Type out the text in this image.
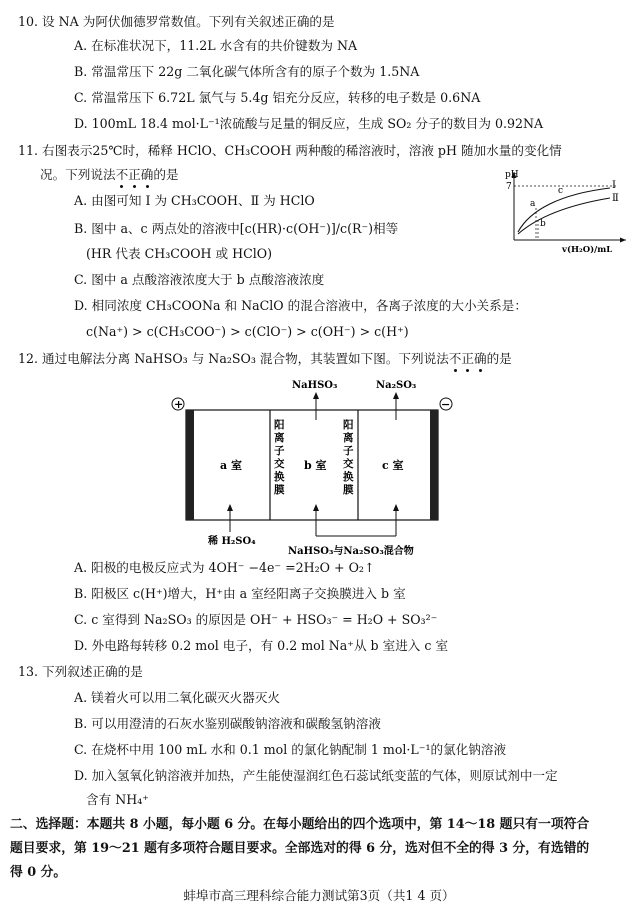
10. 设 NA 为阿伏伽德罗常数值。下列有关叙述正确的是
A. 在标准状况下，11.2L 水含有的共价键数为 NA
B. 常温常压下 22g 二氧化碳气体所含有的原子个数为 1.5NA
C. 常温常压下 6.72L 氯气与 5.4g 铝充分反应，转移的电子数是 0.6NA
D. 100mL 18.4 mol·L⁻¹浓硫酸与足量的铜反应，生成 SO₂ 分子的数目为 0.92NA
11. 右图表示25℃时，稀释 HClO、CH₃COOH 两种酸的稀溶液时，溶液 pH 随加水量的变化情
况。下列说法不正确的是
A. 由图可知 Ⅰ 为 CH₃COOH、Ⅱ 为 HClO
B. 图中 a、c 两点处的溶液中[c(HR)·c(OH⁻)]/c(R⁻)相等
(HR 代表 CH₃COOH 或 HClO)
C. 图中 a 点酸溶液浓度大于 b 点酸溶液浓度
D. 相同浓度 CH₃COONa 和 NaClO 的混合溶液中，各离子浓度的大小关系是：
c(Na⁺) > c(CH₃COO⁻) > c(ClO⁻) > c(OH⁻) > c(H⁺)
pH
7	Ⅰ
Ⅱ
a
b
c
v(H₂O)/mL
12. 通过电解法分离 NaHSO₃ 与 Na₂SO₃ 混合物，其装置如下图。下列说法不正确的是
+	−
阳
离
子
交
换
膜
阳
离
子
交
换
膜
a 室	b 室	c 室
NaHSO₃	Na₂SO₃
稀 H₂SO₄
NaHSO₃与Na₂SO₃混合物
A. 阳极的电极反应式为 4OH⁻ −4e⁻ =2H₂O + O₂↑
B. 阳极区 c(H⁺)增大，H⁺由 a 室经阳离子交换膜进入 b 室
C. c 室得到 Na₂SO₃ 的原因是 OH⁻ + HSO₃⁻ = H₂O + SO₃²⁻
D. 外电路每转移 0.2 mol 电子，有 0.2 mol Na⁺从 b 室进入 c 室
13. 下列叙述正确的是
A. 镁着火可以用二氧化碳灭火器灭火
B. 可以用澄清的石灰水鉴别碳酸钠溶液和碳酸氢钠溶液
C. 在烧杯中用 100 mL 水和 0.1 mol 的氯化钠配制 1 mol·L⁻¹的氯化钠溶液
D. 加入氢氧化钠溶液并加热，产生能使湿润红色石蕊试纸变蓝的气体，则原试剂中一定
含有 NH₄⁺
二、选择题：本题共 8 小题，每小题 6 分。在每小题给出的四个选项中，第 14～18 题只有一项符合
题目要求，第 19～21 题有多项符合题目要求。全部选对的得 6 分，选对但不全的得 3 分，有选错的
得 0 分。
蚌埠市高三理科综合能力测试第3页（共1 4 页）
